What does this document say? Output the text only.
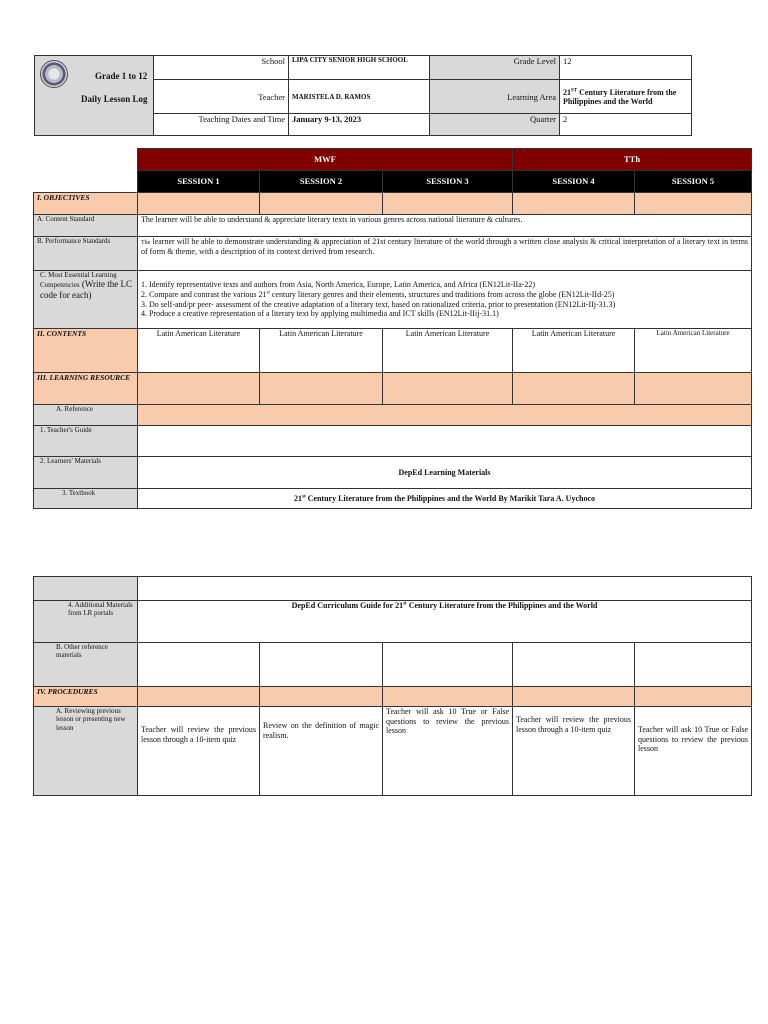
Grade 1 to 12
Daily Lesson Log	School	LIPA CITY SENIOR HIGH SCHOOL	Grade Level	12
	Teacher	MARISTELA D. RAMOS	Learning Area	21ST Century Literature from the Philippines and the World
	Teaching Dates and Time	January 9-13, 2023	Quarter	2
	MWF			TTh	
	SESSION 1	SESSION 2	SESSION 3	SESSION 4	SESSION 5
I. OBJECTIVES					
A. Content Standard	The learner will be able to understand & appreciate literary texts in various genres across national literature & cultures.				
B. Performance Standards	The learner will be able to demonstrate understanding & appreciation of 21st century literature of the world through a written close analysis & critical interpretation of a literary text in terms of form & theme, with a description of its context derived from research.				
C. Most Essential Learning Competencies (Write the LC code for each)	1. Identify representative texts and authors from Asia, North America, Europe, Latin America, and Africa (EN12Lit-IIa-22)
2. Compare and contrast the various 21st century literary genres and their elements, structures and traditions from across the globe (EN12Lit-IId-25)
3. Do self-and/pr peer- assessment of the creative adaptation of a literary text, based on rationalized criteria, prior to presentation (EN12Lit-IIj-31.3)
4. Produce a creative representation of a literary text by applying multimedia and ICT skills (EN12Lit-IIij-31.1)				

II. CONTENTS	Latin American Literature	Latin American Literature	Latin American Literature	Latin American Literature	Latin American Literature
III. LEARNING RESOURCE					
A. Reference					
1. Teacher's Guide					
2. Learners' Materials	DepEd Learning Materials				
3. Textbook	21st Century Literature from the Philippines and the World By Marikit Tara A. Uychoco				

4. Additional Materials from LR portals	DepEd Curriculum Guide for 21st Century Literature from the Philippines and the World				
B. Other reference materials					
IV. PROCEDURES					
A. Reviewing previous lesson or presenting new lesson	Teacher will review the previous lesson through a 10-item quiz	Review on the definition of magic realism.	Teacher will ask 10 True or False questions to review the previous lesson	Teacher will review the previous lesson through a 10-item quiz	Teacher will ask 10 True or False questions to review the previous lesson
